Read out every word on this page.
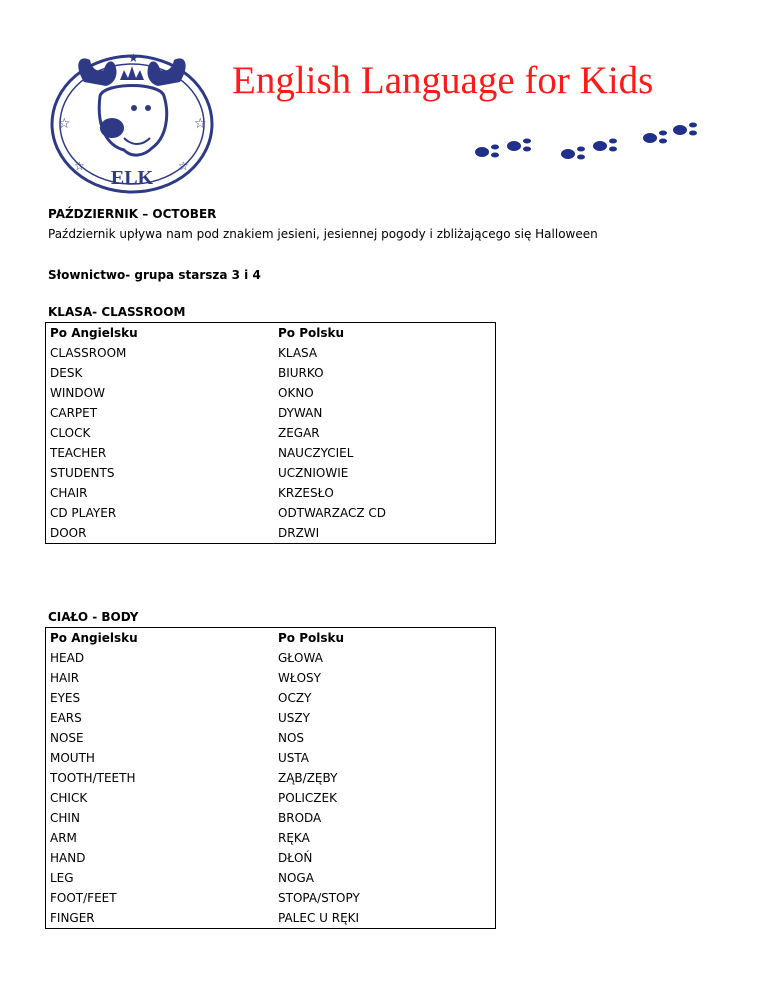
☆	☆
☆	☆
★
ELK
English Language for Kids
PAŹDZIERNIK – OCTOBER
Październik upływa nam pod znakiem jesieni, jesiennej pogody i zbliżającego się Halloween
Słownictwo- grupa starsza 3 i 4
KLASA- CLASSROOM
Po Angielsku	Po Polsku
CLASSROOM	KLASA
DESK	BIURKO
WINDOW	OKNO
CARPET	DYWAN
CLOCK	ZEGAR
TEACHER	NAUCZYCIEL
STUDENTS	UCZNIOWIE
CHAIR	KRZESŁO
CD PLAYER	ODTWARZACZ CD
DOOR	DRZWI
CIAŁO - BODY
Po Angielsku	Po Polsku
HEAD	GŁOWA
HAIR	WŁOSY
EYES	OCZY
EARS	USZY
NOSE	NOS
MOUTH	USTA
TOOTH/TEETH	ZĄB/ZĘBY
CHICK	POLICZEK
CHIN	BRODA
ARM	RĘKA
HAND	DŁOŃ
LEG	NOGA
FOOT/FEET	STOPA/STOPY
FINGER	PALEC U RĘKI
